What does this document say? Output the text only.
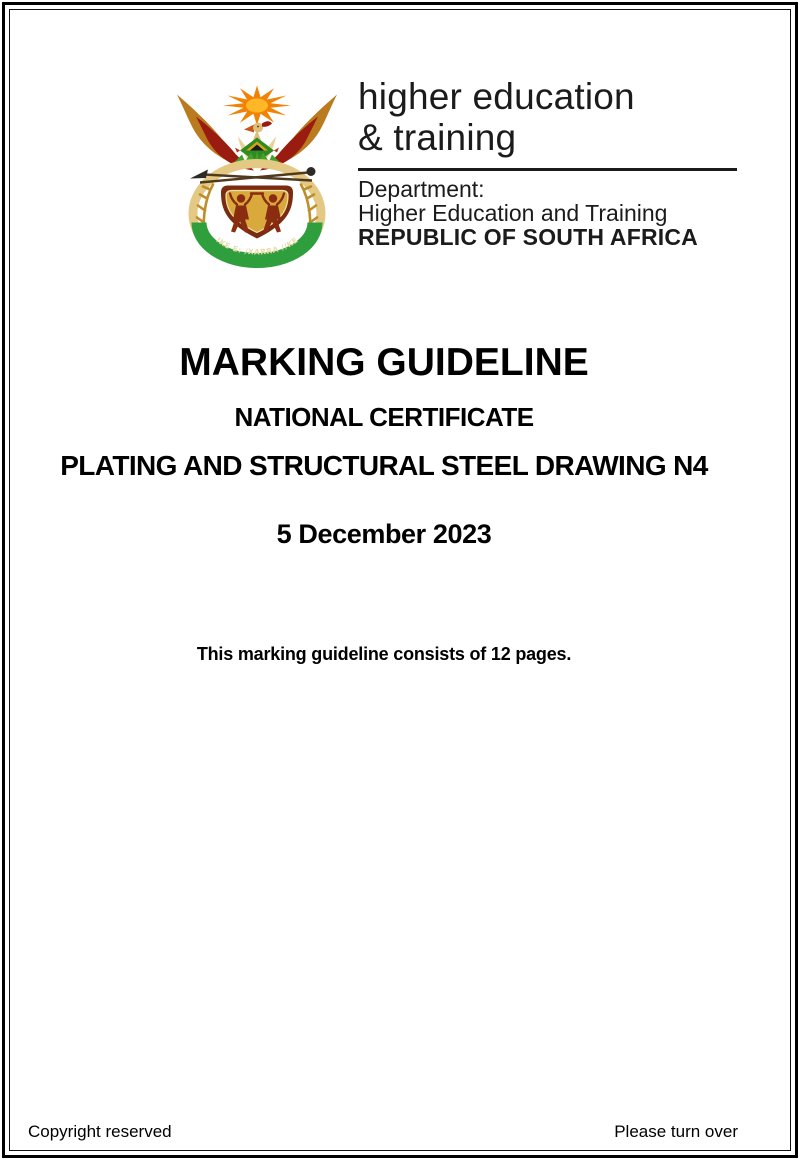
!KE E: /XARRA //KE
higher education
& training
Department:
Higher Education and Training
REPUBLIC OF SOUTH AFRICA
MARKING GUIDELINE
NATIONAL CERTIFICATE
PLATING AND STRUCTURAL STEEL DRAWING N4
5 December 2023
This marking guideline consists of 12 pages.
Copyright reserved	Please turn over
